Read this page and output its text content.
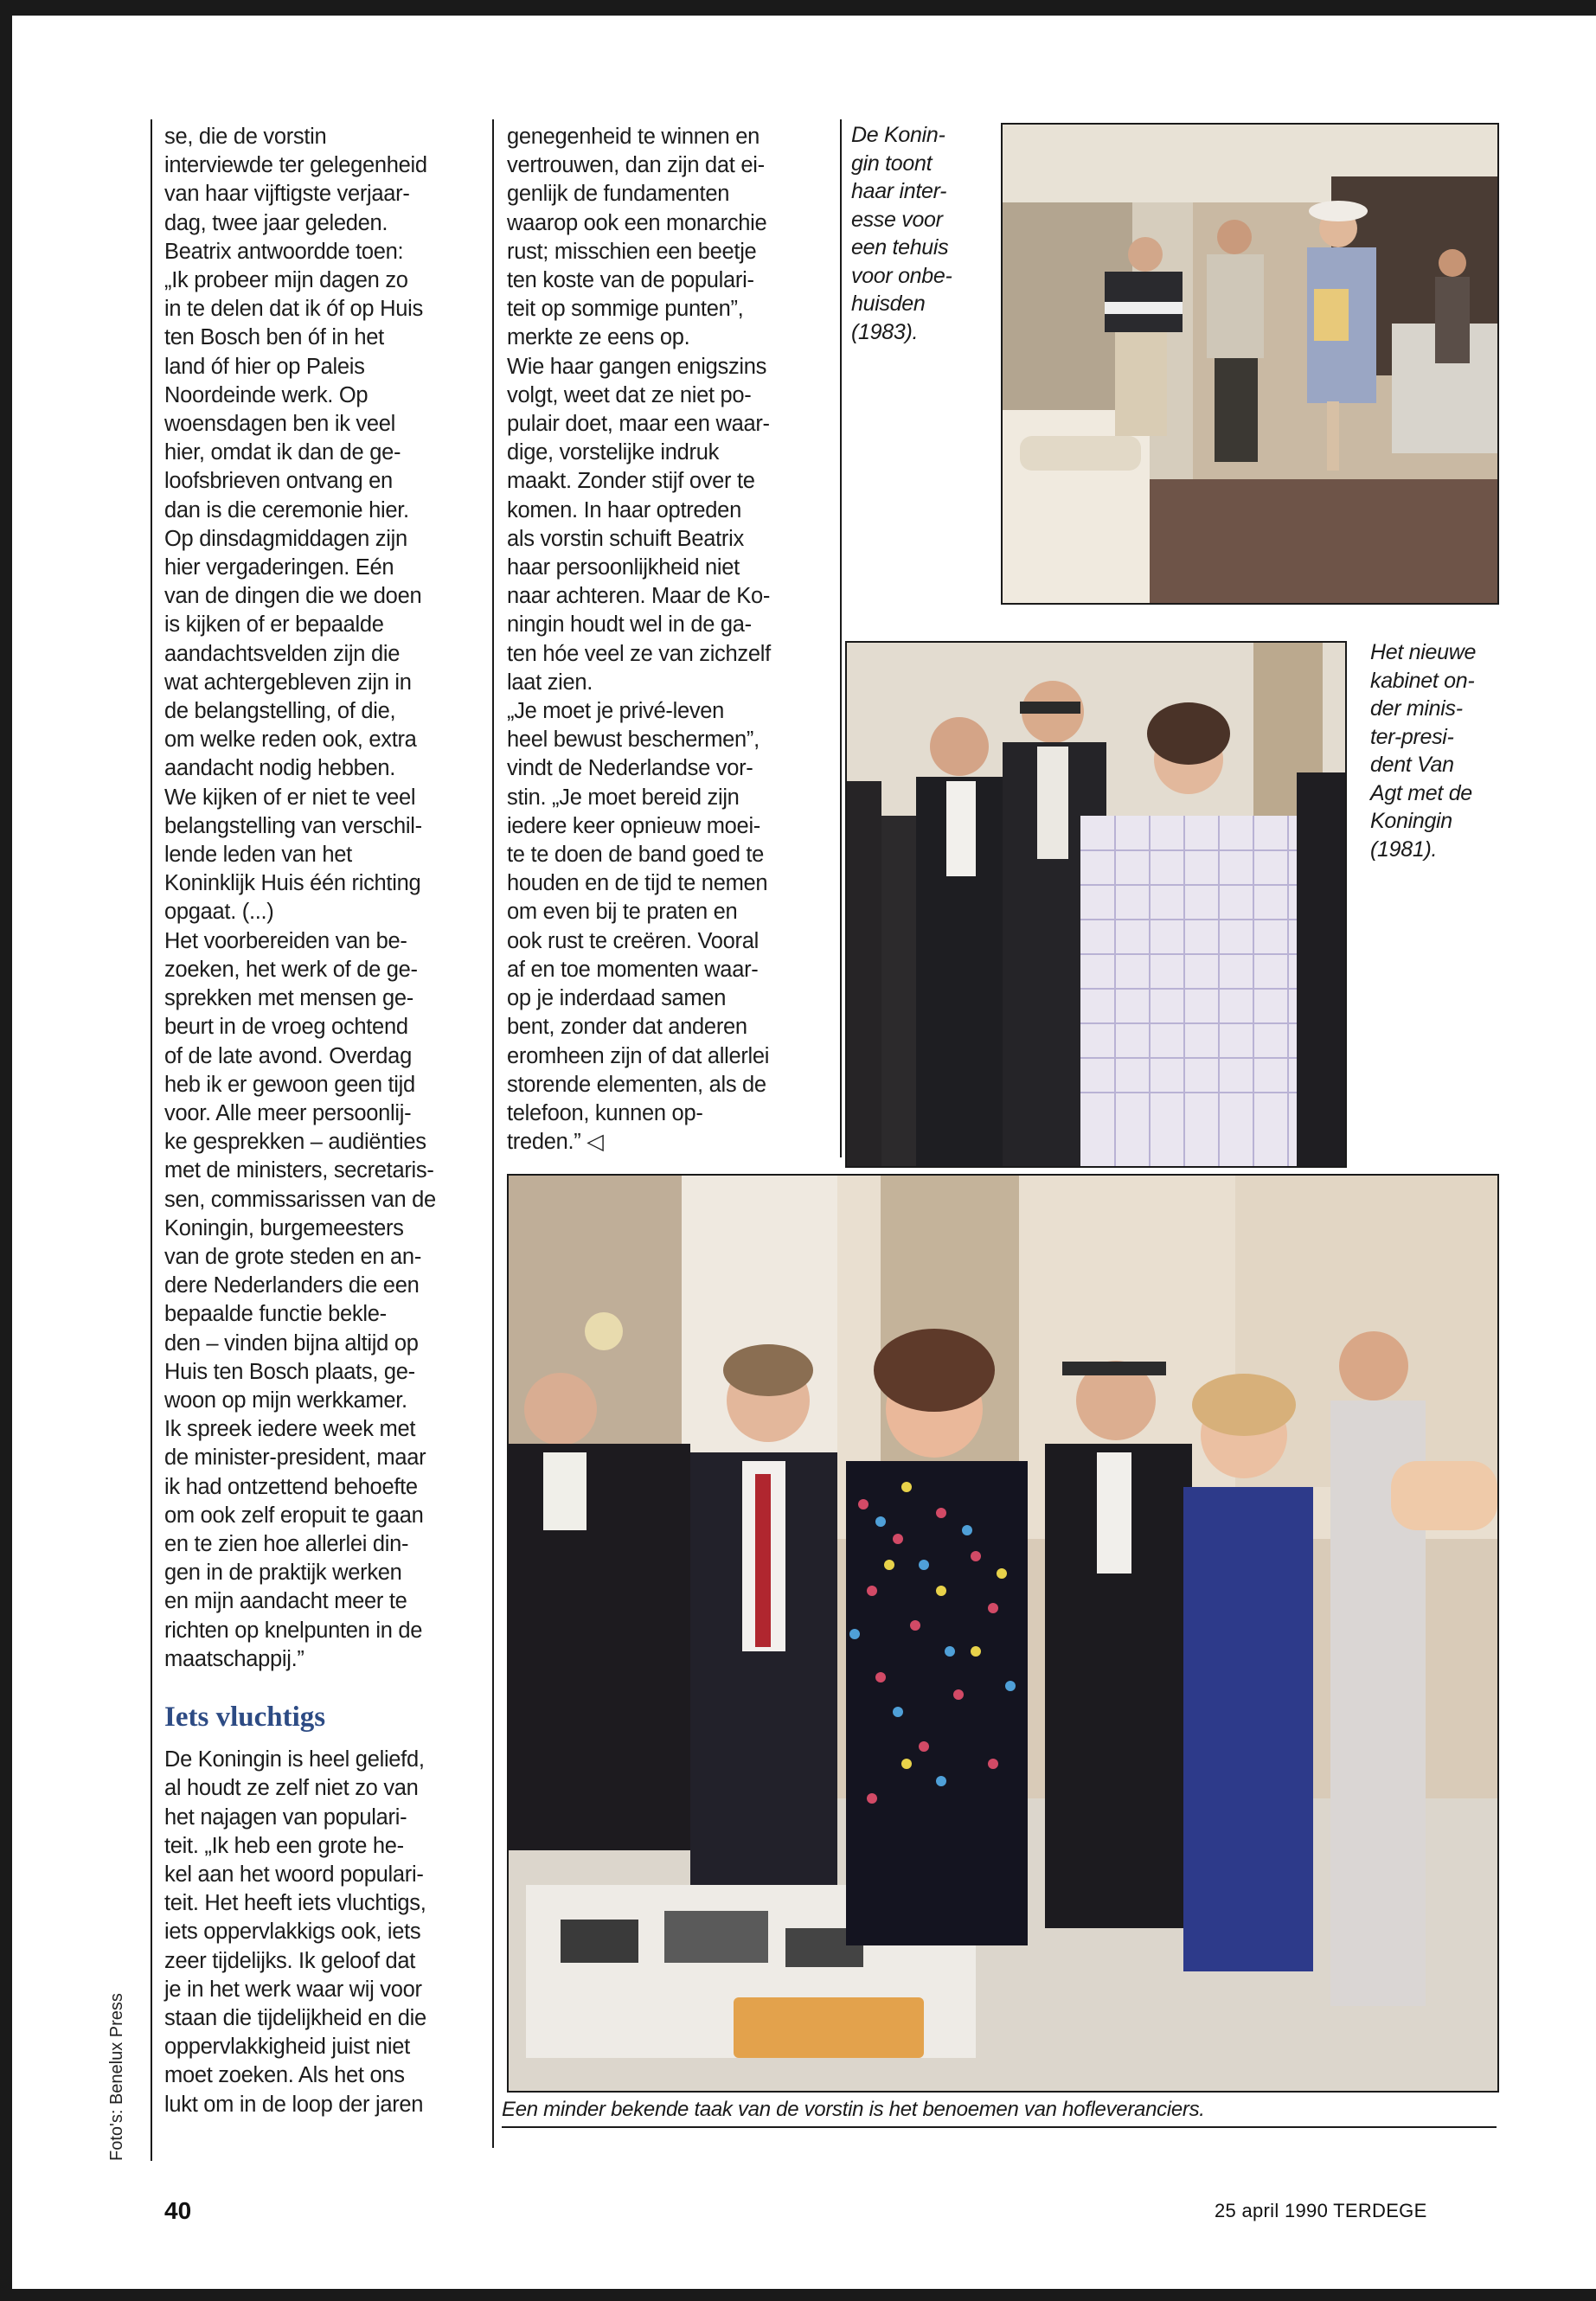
se, die de vorstin
interviewde ter gelegenheid
van haar vijftigste verjaar-
dag, twee jaar geleden.
Beatrix antwoordde toen:
„Ik probeer mijn dagen zo
in te delen dat ik óf op Huis
ten Bosch ben óf in het
land óf hier op Paleis
Noordeinde werk. Op
woensdagen ben ik veel
hier, omdat ik dan de ge-
loofsbrieven ontvang en
dan is die ceremonie hier.
Op dinsdagmiddagen zijn
hier vergaderingen. Eén
van de dingen die we doen
is kijken of er bepaalde
aandachtsvelden zijn die
wat achtergebleven zijn in
de belangstelling, of die,
om welke reden ook, extra
aandacht nodig hebben.
We kijken of er niet te veel
belangstelling van verschil-
lende leden van het
Koninklijk Huis één richting
opgaat. (...)
Het voorbereiden van be-
zoeken, het werk of de ge-
sprekken met mensen ge-
beurt in de vroeg ochtend
of de late avond. Overdag
heb ik er gewoon geen tijd
voor. Alle meer persoonlij-
ke gesprekken – audiënties
met de ministers, secretaris-
sen, commissarissen van de
Koningin, burgemeesters
van de grote steden en an-
dere Nederlanders die een
bepaalde functie bekle-
den – vinden bijna altijd op
Huis ten Bosch plaats, ge-
woon op mijn werkkamer.
Ik spreek iedere week met
de minister-president, maar
ik had ontzettend behoefte
om ook zelf eropuit te gaan
en te zien hoe allerlei din-
gen in de praktijk werken
en mijn aandacht meer te
richten op knelpunten in de
maatschappij.”

Iets vluchtigs

De Koningin is heel geliefd,
al houdt ze zelf niet zo van
het najagen van populari-
teit. „Ik heb een grote he-
kel aan het woord populari-
teit. Het heeft iets vluchtigs,
iets oppervlakkigs ook, iets
zeer tijdelijks. Ik geloof dat
je in het werk waar wij voor
staan die tijdelijkheid en die
oppervlakkigheid juist niet
moet zoeken. Als het ons
lukt om in de loop der jaren

genegenheid te winnen en
vertrouwen, dan zijn dat ei-
genlijk de fundamenten
waarop ook een monarchie
rust; misschien een beetje
ten koste van de populari-
teit op sommige punten”,
merkte ze eens op.
Wie haar gangen enigszins
volgt, weet dat ze niet po-
pulair doet, maar een waar-
dige, vorstelijke indruk
maakt. Zonder stijf over te
komen. In haar optreden
als vorstin schuift Beatrix
haar persoonlijkheid niet
naar achteren. Maar de Ko-
ningin houdt wel in de ga-
ten hóe veel ze van zichzelf
laat zien.
„Je moet je privé-leven
heel bewust beschermen”,
vindt de Nederlandse vor-
stin. „Je moet bereid zijn
iedere keer opnieuw moei-
te te doen de band goed te
houden en de tijd te nemen
om even bij te praten en
ook rust te creëren. Vooral
af en toe momenten waar-
op je inderdaad samen
bent, zonder dat anderen
eromheen zijn of dat allerlei
storende elementen, als de
telefoon, kunnen op-
treden.” ◁

De Konin-
gin toont
haar inter-
esse voor
een tehuis
voor onbe-
huisden
(1983).
Het nieuwe
kabinet on-
der minis-
ter-presi-
dent Van
Agt met de
Koningin
(1981).
Een minder bekende taak van de vorstin is het benoemen van hofleveranciers.
Foto's: Benelux Press
40	25 april 1990 TERDEGE
